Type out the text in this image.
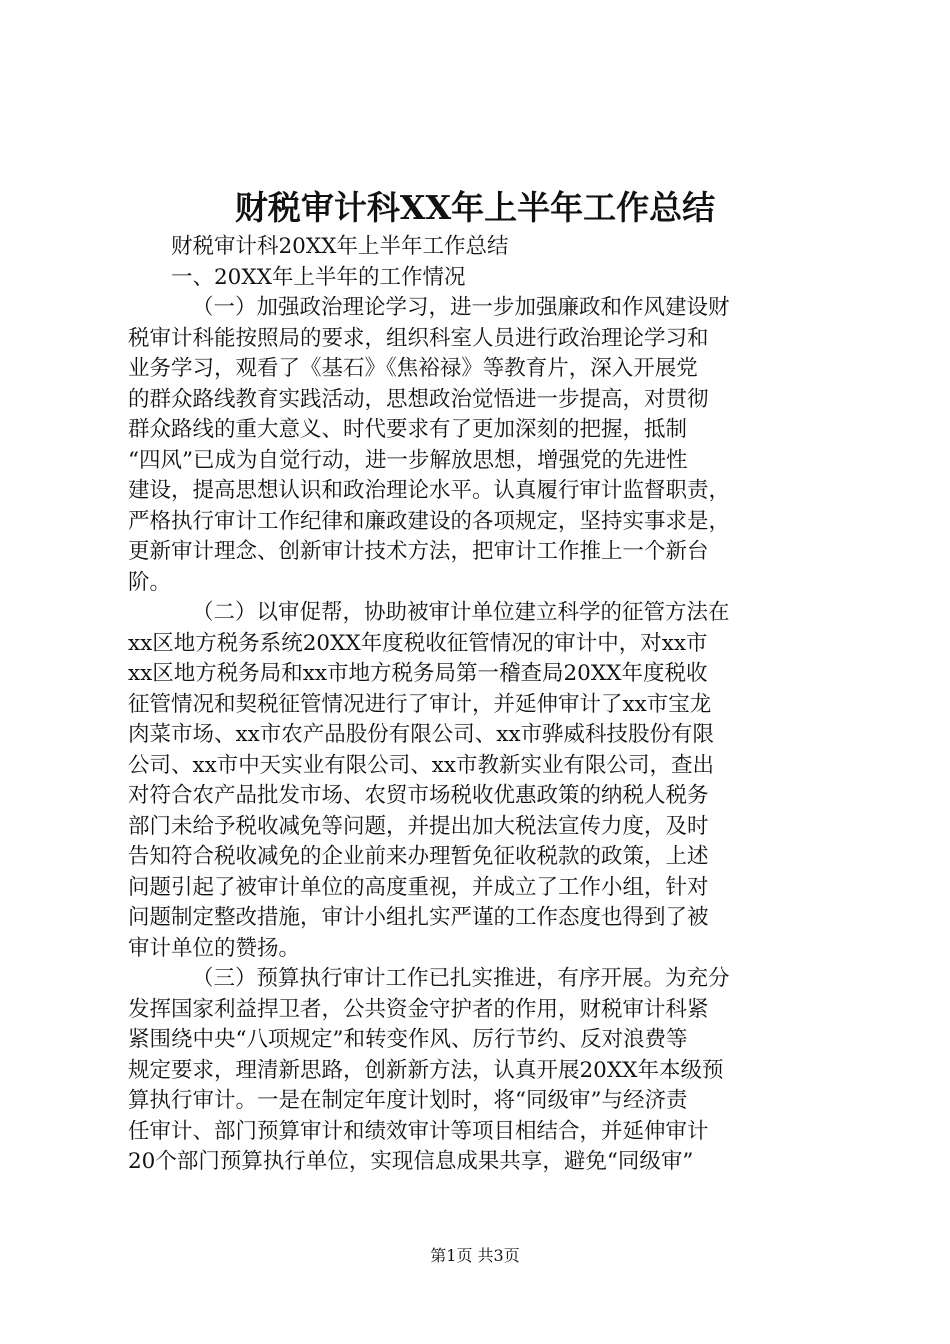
财税审计科XX年上半年工作总结
财税审计科20XX年上半年工作总结
一、20XX年上半年的工作情况
（一）加强政治理论学习，进一步加强廉政和作风建设财
税审计科能按照局的要求，组织科室人员进行政治理论学习和
业务学习，观看了《基石》《焦裕禄》等教育片，深入开展党
的群众路线教育实践活动，思想政治觉悟进一步提高，对贯彻
群众路线的重大意义、时代要求有了更加深刻的把握，抵制
“四风”已成为自觉行动，进一步解放思想，增强党的先进性
建设，提高思想认识和政治理论水平。认真履行审计监督职责，
严格执行审计工作纪律和廉政建设的各项规定，坚持实事求是，
更新审计理念、创新审计技术方法，把审计工作推上一个新台
阶。
（二）以审促帮，协助被审计单位建立科学的征管方法在
xx区地方税务系统20XX年度税收征管情况的审计中，对xx市
xx区地方税务局和xx市地方税务局第一稽查局20XX年度税收
征管情况和契税征管情况进行了审计，并延伸审计了xx市宝龙
肉菜市场、xx市农产品股份有限公司、xx市骅威科技股份有限
公司、xx市中天实业有限公司、xx市教新实业有限公司，查出
对符合农产品批发市场、农贸市场税收优惠政策的纳税人税务
部门未给予税收减免等问题，并提出加大税法宣传力度，及时
告知符合税收减免的企业前来办理暂免征收税款的政策，上述
问题引起了被审计单位的高度重视，并成立了工作小组，针对
问题制定整改措施，审计小组扎实严谨的工作态度也得到了被
审计单位的赞扬。
（三）预算执行审计工作已扎实推进，有序开展。为充分
发挥国家利益捍卫者，公共资金守护者的作用，财税审计科紧
紧围绕中央“八项规定”和转变作风、厉行节约、反对浪费等
规定要求，理清新思路，创新新方法，认真开展20XX年本级预
算执行审计。一是在制定年度计划时，将“同级审”与经济责
任审计、部门预算审计和绩效审计等项目相结合，并延伸审计
20个部门预算执行单位，实现信息成果共享，避免“同级审”
第1页 共3页
